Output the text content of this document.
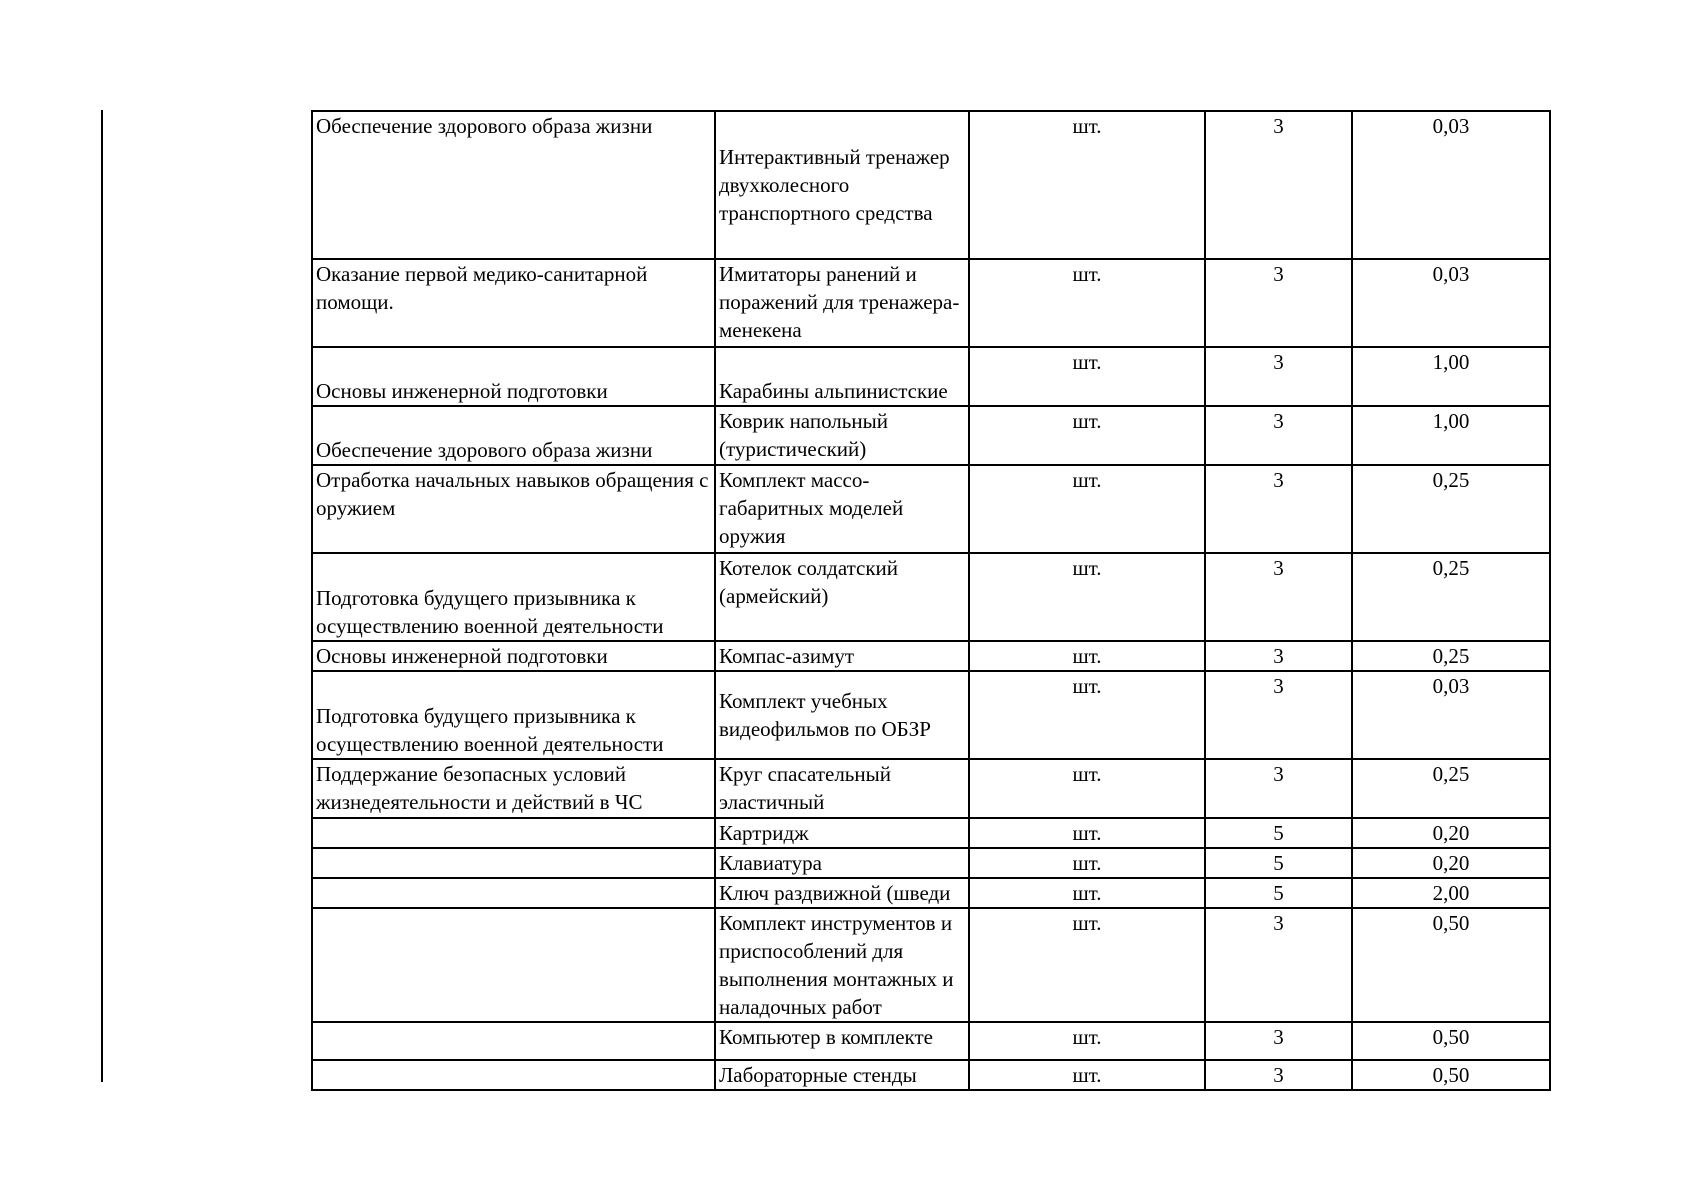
Обеспечение здорового образа жизни	Интерактивный тренажер двухколесного транспортного средства	шт.	3	0,03
Оказание первой медико-санитарной помощи.	Имитаторы ранений и поражений для тренажера-менекена	шт.	3	0,03
Основы инженерной подготовки	Карабины альпинистские	шт.	3	1,00
Обеспечение здорового образа жизни	Коврик напольный (туристический)	шт.	3	1,00
Отработка начальных навыков обращения с оружием	Комплект массо-габаритных моделей оружия	шт.	3	0,25
Подготовка будущего призывника к осуществлению военной деятельности	Котелок солдатский (армейский)	шт.	3	0,25
Основы инженерной подготовки	Компас-азимут	шт.	3	0,25
Подготовка будущего призывника к осуществлению военной деятельности	Комплект учебных видеофильмов по ОБЗР	шт.	3	0,03
Поддержание безопасных условий жизнедеятельности и действий в ЧС	Круг спасательный эластичный	шт.	3	0,25
	Картридж	шт.	5	0,20
	Клавиатура	шт.	5	0,20
	Ключ раздвижной (шведи	шт.	5	2,00
	Комплект инструментов и приспособлений для выполнения монтажных и наладочных работ	шт.	3	0,50
	Компьютер в комплекте	шт.	3	0,50
	Лабораторные стенды	шт.	3	0,50
